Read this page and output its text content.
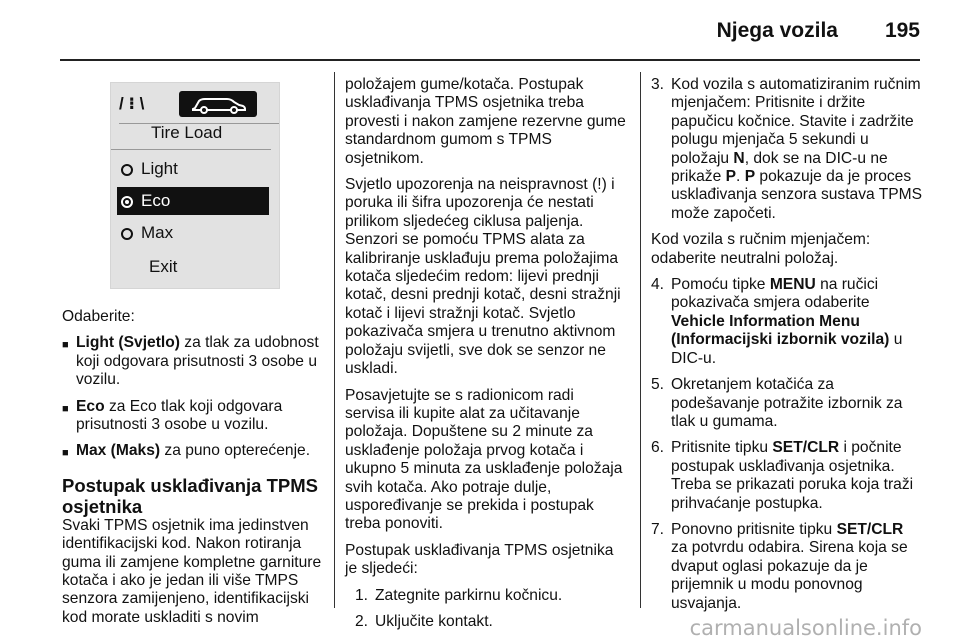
Njega vozila 195
/ ⁝ \
Tire Load
Light
Eco
Max
Exit

Odaberite:

■ Light (Svjetlo) za tlak za udobnost koji odgovara prisutnosti 3 osobe u vozilu.
■ Eco za Eco tlak koji odgovara prisutnosti 3 osobe u vozilu.
■ Max (Maks) za puno opterećenje.
Postupak usklađivanja TPMS osjetnika

Svaki TPMS osjetnik ima jedinstven identifikacijski kod. Nakon rotiranja guma ili zamjene kompletne garniture kotača i ako je jedan ili više TMPS senzora zamijenjeno, identifikacijski kod morate uskladiti s novim

položajem gume/kotača. Postupak usklađivanja TPMS osjetnika treba provesti i nakon zamjene rezervne gume standardnom gumom s TPMS osjetnikom.

Svjetlo upozorenja na neispravnost (!) i poruka ili šifra upozorenja će nestati prilikom sljedećeg ciklusa paljenja. Senzori se pomoću TPMS alata za kalibriranje usklađuju prema položajima kotača sljedećim redom: lijevi prednji kotač, desni prednji kotač, desni stražnji kotač i lijevi stražnji kotač. Svjetlo pokazivača smjera u trenutno aktivnom položaju svijetli, sve dok se senzor ne uskladi.

Posavjetujte se s radionicom radi servisa ili kupite alat za učitavanje položaja. Dopuštene su 2 minute za usklađenje položaja prvog kotača i ukupno 5 minuta za usklađenje položaja svih kotača. Ako potraje dulje, uspoređivanje se prekida i postupak treba ponoviti.

Postupak usklađivanja TPMS osjetnika je sljedeći:

1. Zategnite parkirnu kočnicu.
2. Uključite kontakt.
3. Kod vozila s automatiziranim ručnim mjenjačem: Pritisnite i držite papučicu kočnice. Stavite i zadržite polugu mjenjača 5 sekundi u položaju N, dok se na DIC-u ne prikaže P. P pokazuje da je proces usklađivanja senzora sustava TPMS može započeti.

Kod vozila s ručnim mjenjačem: odaberite neutralni položaj.

4. Pomoću tipke MENU na ručici pokazivača smjera odaberite Vehicle Information Menu (Informacijski izbornik vozila) u DIC-u.
5. Okretanjem kotačića za podešavanje potražite izbornik za tlak u gumama.
6. Pritisnite tipku SET/CLR i počnite postupak usklađivanja osjetnika. Treba se prikazati poruka koja traži prihvaćanje postupka.
7. Ponovno pritisnite tipku SET/CLR za potvrdu odabira. Sirena koja se dvaput oglasi pokazuje da je prijemnik u modu ponovnog usvajanja.
carmanualsonline.info
